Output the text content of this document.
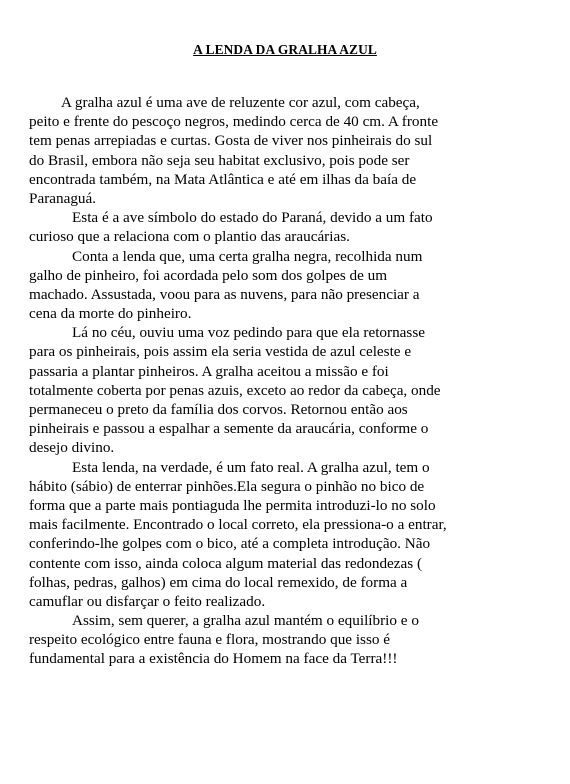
A LENDA DA GRALHA AZUL
A gralha azul é uma ave de reluzente cor azul, com cabeça,
peito e frente do pescoço negros, medindo cerca de 40 cm. A fronte
tem penas arrepiadas e curtas. Gosta de viver nos pinheirais do sul
do Brasil, embora não seja seu habitat exclusivo, pois pode ser
encontrada também, na Mata Atlântica e até em ilhas da baía de
Paranaguá.
Esta é a ave símbolo do estado do Paraná, devido a um fato
curioso que a relaciona com o plantio das araucárias.
Conta a lenda que, uma certa gralha negra, recolhida num
galho de pinheiro, foi acordada pelo som dos golpes de um
machado. Assustada, voou para as nuvens, para não presenciar a
cena da morte do pinheiro.
Lá no céu, ouviu uma voz pedindo para que ela retornasse
para os pinheirais, pois assim ela seria vestida de azul celeste e
passaria a plantar pinheiros. A gralha aceitou a missão e foi
totalmente coberta por penas azuis, exceto ao redor da cabeça, onde
permaneceu o preto da família dos corvos. Retornou então aos
pinheirais e passou a espalhar a semente da araucária, conforme o
desejo divino.
Esta lenda, na verdade, é um fato real. A gralha azul, tem o
hábito (sábio) de enterrar pinhões.Ela segura o pinhão no bico de
forma que a parte mais pontiaguda lhe permita introduzi-lo no solo
mais facilmente. Encontrado o local correto, ela pressiona-o a entrar,
conferindo-lhe golpes com o bico, até a completa introdução. Não
contente com isso, ainda coloca algum material das redondezas (
folhas, pedras, galhos) em cima do local remexido, de forma a
camuflar ou disfarçar o feito realizado.
Assim, sem querer, a gralha azul mantém o equilíbrio e o
respeito ecológico entre fauna e flora, mostrando que isso é
fundamental para a existência do Homem na face da Terra!!!
